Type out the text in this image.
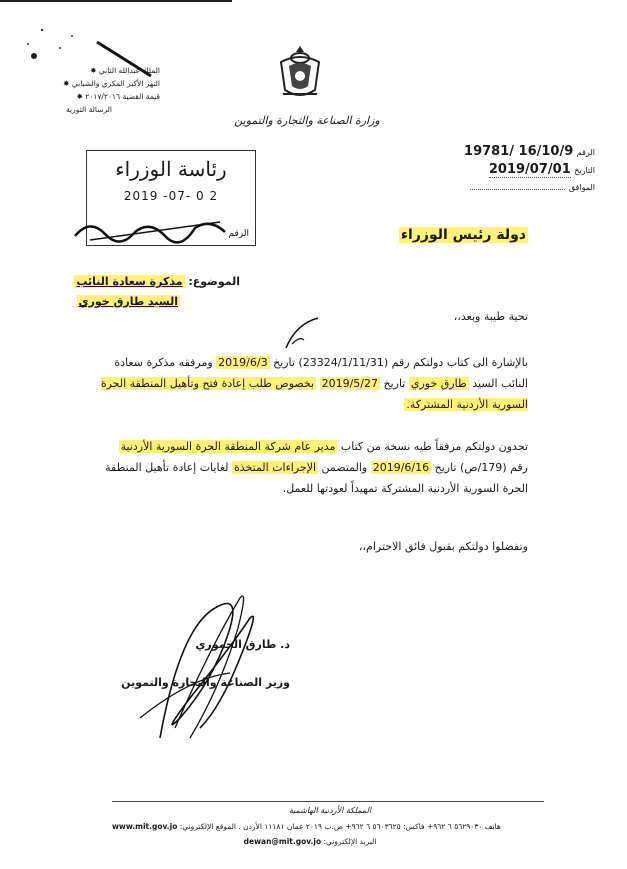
الملك عبدالله الثاني ✸
النهر الأكبر المكري والشبابي ✸
قيمة القضية ٢٠١٧/٢٠١٦ ✸
الرسالة الثورية
وزارة الصناعة والتجارة والتموين
الرقم 19781/ 16/10/9
التاريخ 2019/07/01
الموافق
رئاسة الوزراء
2019 -07- 0 2
الرقم	دولة رئيس الوزراء
الموضوع: مذكرة سعادة النائب
السيد طارق خوري
تحية طيبة وبعد،،
بالإشارة الى كتاب دولتكم رقم (23324/1/11/31) تاريخ 2019/6/3 ومرفقه مذكرة سعادة النائب السيد طارق خوري تاريخ 2019/5/27 بخصوص طلب إعادة فتح وتأهيل المنطقة الحرة السورية الأردنية المشتركة.
تجدون دولتكم مرفقاً طيه نسخة من كتاب مدير عام شركة المنطقة الحرة السورية الأردنية رقم (179/ص) تاريخ 2019/6/16 والمتضمن الإجراءات المتخذة لغايات إعادة تأهيل المنطقة الحرة السورية الأردنية المشتركة تمهيداً لعودتها للعمل.
وتفضلوا دولتكم بقبول فائق الاحترام،،
د. طارق الحموري
وزير الصناعة والتجارة والتموين
المملكة الأردنية الهاشمية
www.mit.gov.jo هاتف ٥٦٢٩٠٣٠ ٦ ٩٦٢+ فاكس: ٥٦٠٣٦٢٥ ٦ ٩٦٢+ ص.ب ٢٠١٩ عمان ١١١٨١ الأردن . الموقع الإلكتروني:
dewan@mit.gov.jo البريد الإلكتروني:
